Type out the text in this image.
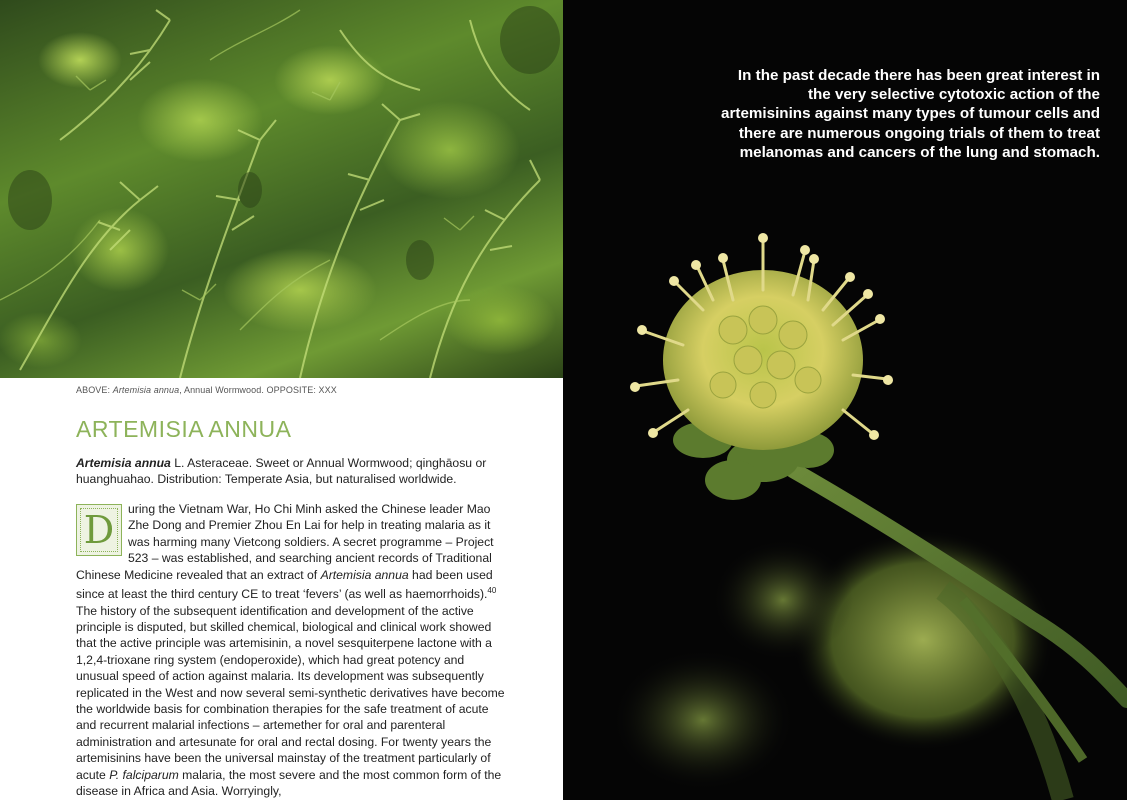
ABOVE: Artemisia annua, Annual Wormwood. OPPOSITE: XXX
ARTEMISIA ANNUA

Artemisia annua L. Asteraceae. Sweet or Annual Wormwood; qinghāosu or huanghuahao. Distribution: Temperate Asia, but naturalised worldwide.

D uring the Vietnam War, Ho Chi Minh asked the Chinese leader Mao Zhe Dong and Premier Zhou En Lai for help in treating malaria as it was harming many Vietcong soldiers. A secret programme – Project 523 – was established, and searching ancient records of Traditional Chinese Medicine revealed that an extract of Artemisia annua had been used since at least the third century CE to treat ‘fevers’ (as well as haemorrhoids).$^{40}$ The history of the subsequent identification and development of the active principle is disputed, but skilled chemical, biological and clinical work showed that the active principle was artemisinin, a novel sesquiterpene lactone with a 1,2,4-trioxane ring system (endoperoxide), which had great potency and unusual speed of action against malaria. Its development was subsequently replicated in the West and now several semi-synthetic derivatives have become the worldwide basis for combination therapies for the safe treatment of acute and recurrent malarial infections – artemether for oral and parenteral administration and artesunate for oral and rectal dosing. For twenty years the artemisinins have been the universal mainstay of the treatment particularly of acute P. falciparum malaria, the most severe and the most common form of the disease in Africa and Asia. Worryingly,

In the past decade there has been great interest in the very selective cytotoxic action of the artemisinins against many types of tumour cells and there are numerous ongoing trials of them to treat melanomas and cancers of the lung and stomach.
